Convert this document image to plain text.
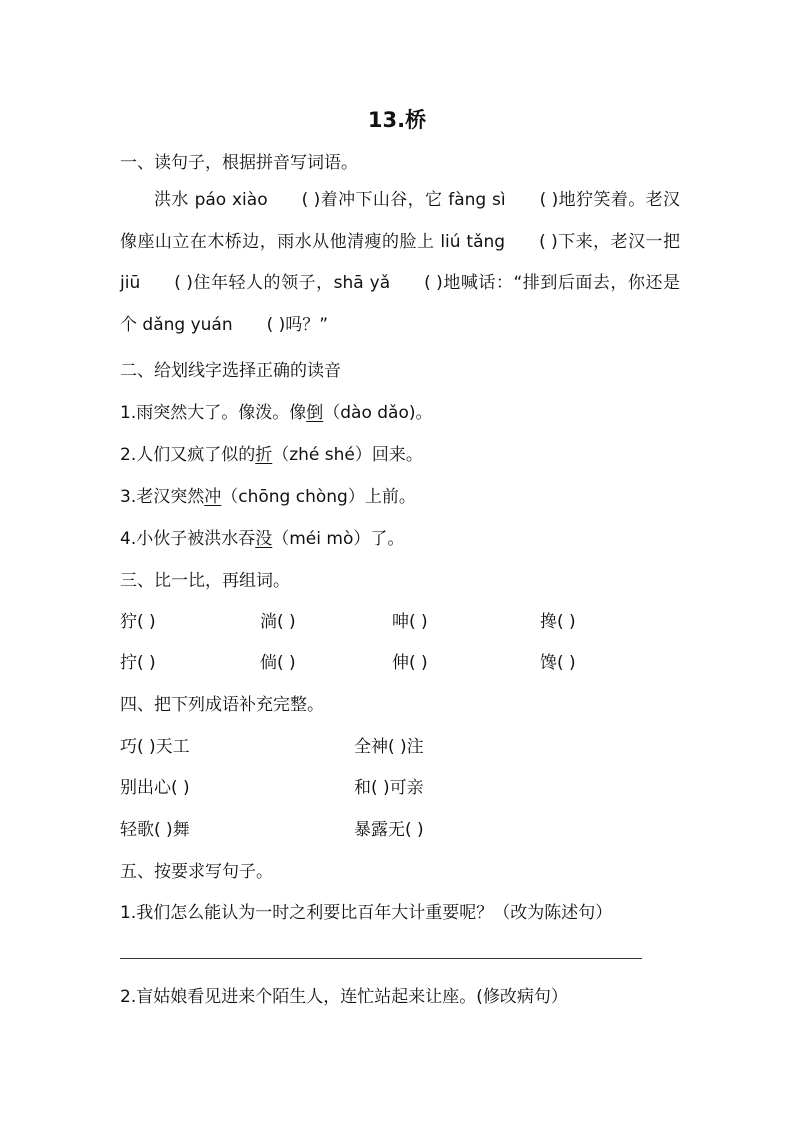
13.桥
一、读句子，根据拼音写词语。
洪水 páo xiào ( )着冲下山谷，它 fàng sì ( )地狞笑着。老汉像座山立在木桥边，雨水从他清瘦的脸上 liú tǎng ( )下来，老汉一把 jiū ( )住年轻人的领子，shā yǎ ( )地喊话：“排到后面去，你还是个 dǎng yuán ( )吗？”
二、给划线字选择正确的读音
1.雨突然大了。像泼。像倒（dào dǎo)。
2.人们又疯了似的折（zhé shé）回来。
3.老汉突然冲（chōng chòng）上前。
4.小伙子被洪水吞没（méi mò）了。
三、比一比，再组词。
狞( )	淌( )	呻( )	搀( )
拧( )	倘( )	伸( )	馋( )
四、把下列成语补充完整。
巧( )天工	全神( )注
别出心( )	和( )可亲
轻歌( )舞	暴露无( )
五、按要求写句子。
1.我们怎么能认为一时之利要比百年大计重要呢？（改为陈述句）
2.盲姑娘看见进来个陌生人，连忙站起来让座。(修改病句）
